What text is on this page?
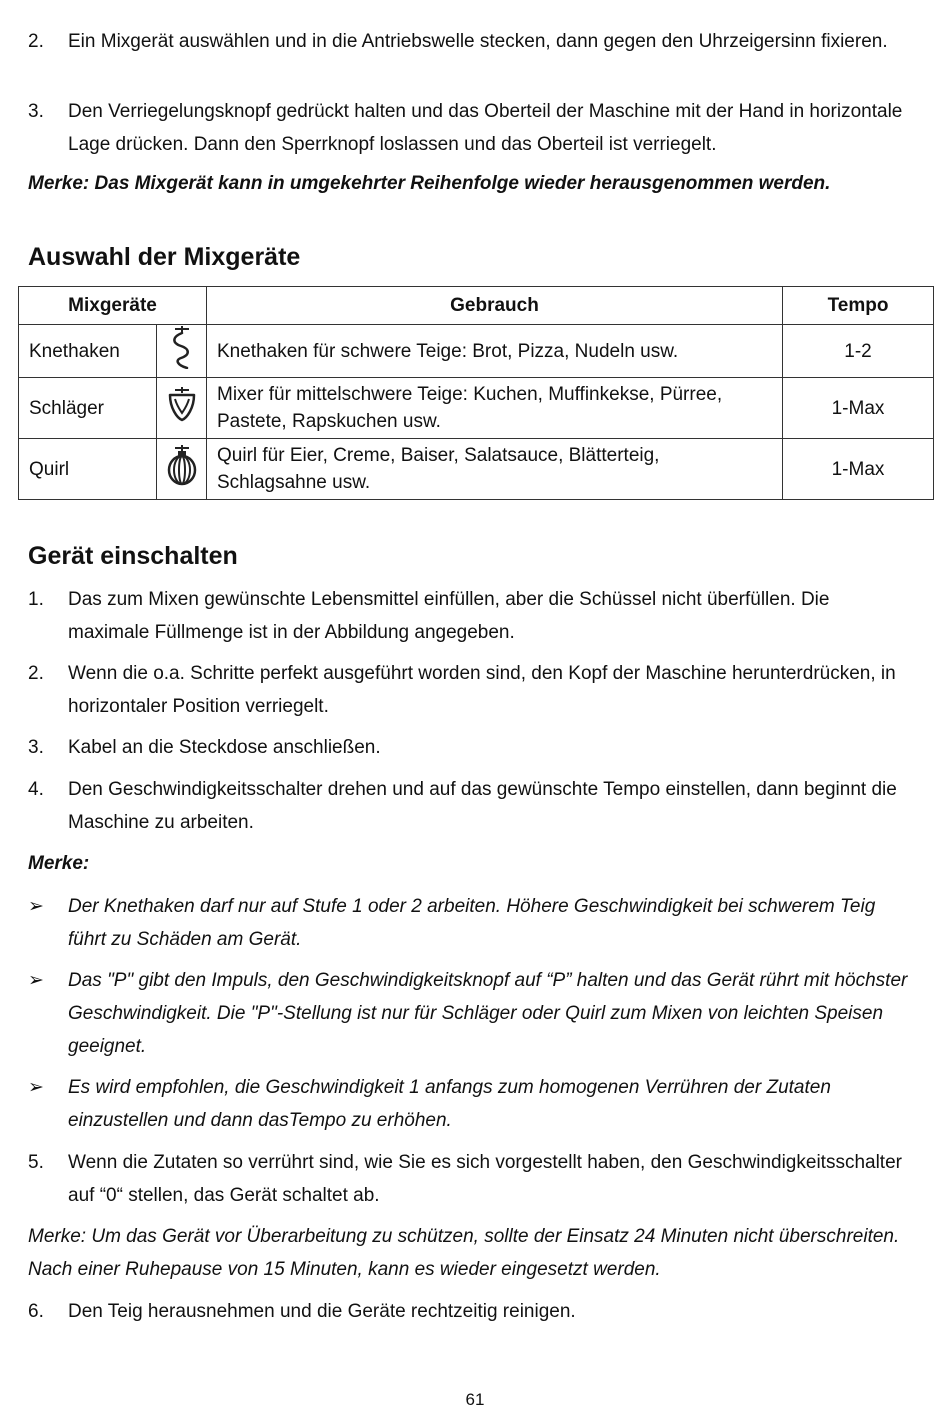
2.	Ein Mixgerät auswählen und in die Antriebswelle stecken, dann gegen den Uhrzeigersinn fixieren.
3.	Den Verriegelungsknopf gedrückt halten und das Oberteil der Maschine mit der Hand in horizontale Lage drücken. Dann den Sperrknopf loslassen und das Oberteil ist verriegelt.
Merke: Das Mixgerät kann in umgekehrter Reihenfolge wieder herausgenommen werden.
Auswahl der Mixgeräte
Mixgeräte		Gebrauch	Tempo
Knethaken		Knethaken für schwere Teige: Brot, Pizza, Nudeln usw.	1-2
Schläger		Mixer für mittelschwere Teige: Kuchen, Muffinkekse, Pürree, Pastete, Rapskuchen usw.	1-Max
Quirl		Quirl für Eier, Creme, Baiser, Salatsauce, Blätterteig, Schlagsahne usw.	1-Max
Gerät einschalten
1.	Das zum Mixen gewünschte Lebensmittel einfüllen, aber die Schüssel nicht überfüllen. Die maximale Füllmenge ist in der Abbildung angegeben.
2.	Wenn die o.a. Schritte perfekt ausgeführt worden sind, den Kopf der Maschine herunterdrücken, in horizontaler Position verriegelt.
3.	Kabel an die Steckdose anschließen.
4.	Den Geschwindigkeitsschalter drehen und auf das gewünschte Tempo einstellen, dann beginnt die Maschine zu arbeiten.
Merke:
➢	Der Knethaken darf nur auf Stufe 1 oder 2 arbeiten. Höhere Geschwindigkeit bei schwerem Teig führt zu Schäden am Gerät.
➢	Das "P" gibt den Impuls, den Geschwindigkeitsknopf auf “P” halten und das Gerät rührt mit höchster Geschwindigkeit. Die "P"-Stellung ist nur für Schläger oder Quirl zum Mixen von leichten Speisen geeignet.
➢	Es wird empfohlen, die Geschwindigkeit 1 anfangs zum homogenen Verrühren der Zutaten einzustellen und dann dasTempo zu erhöhen.
5.	Wenn die Zutaten so verrührt sind, wie Sie es sich vorgestellt haben, den Geschwindigkeitsschalter auf “0“ stellen, das Gerät schaltet ab.
Merke: Um das Gerät vor Überarbeitung zu schützen, sollte der Einsatz 24 Minuten nicht überschreiten. Nach einer Ruhepause von 15 Minuten, kann es wieder eingesetzt werden.
6.	Den Teig herausnehmen und die Geräte rechtzeitig reinigen.
61
